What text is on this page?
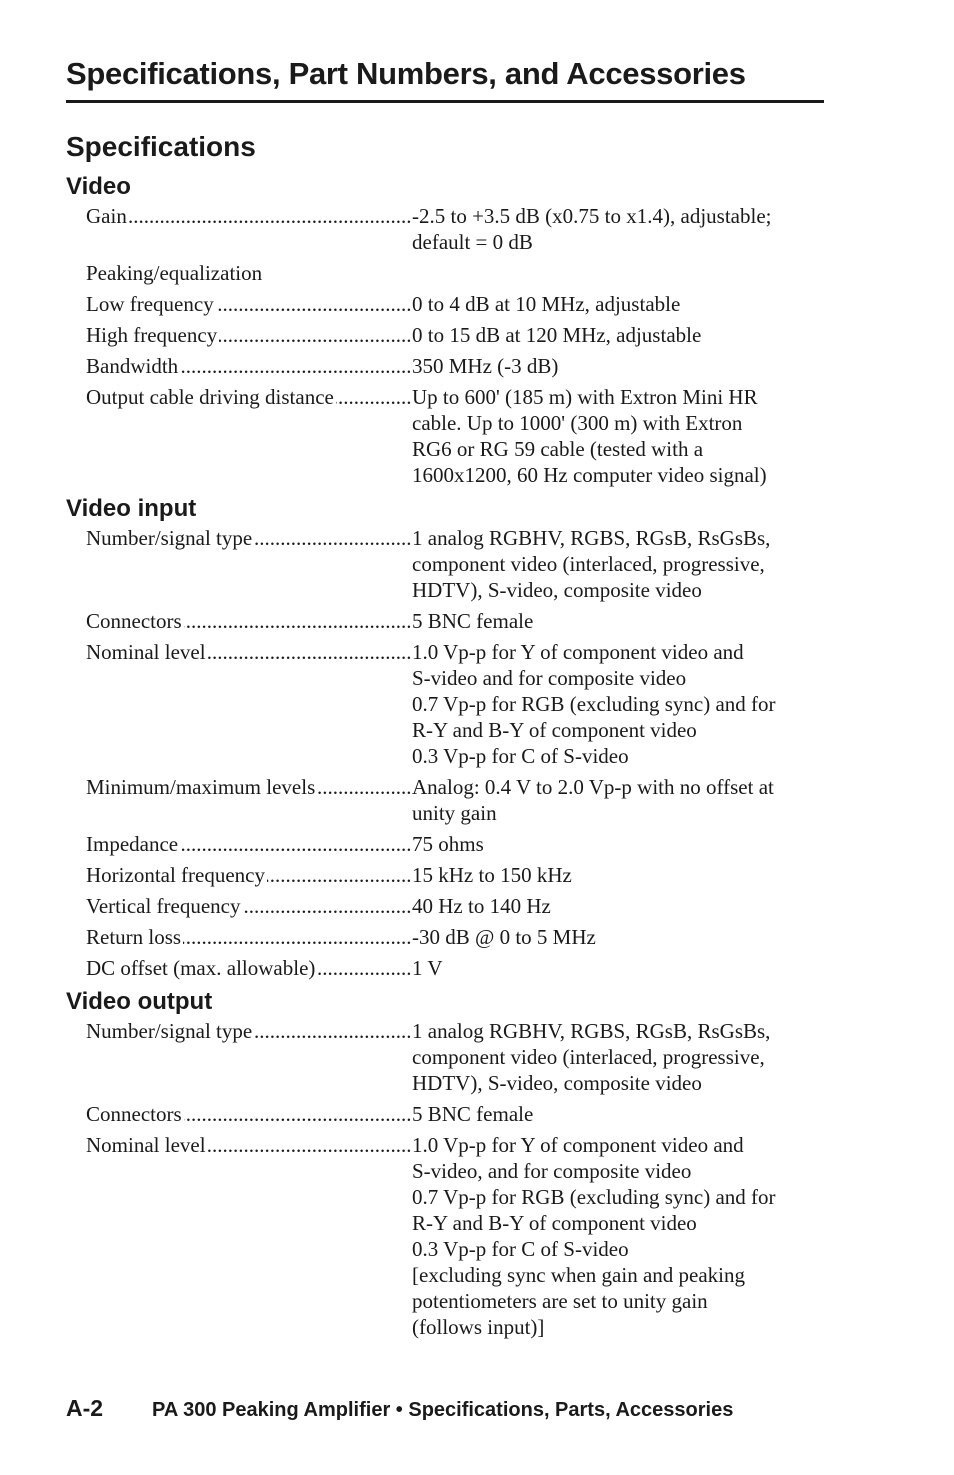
Specifications, Part Numbers, and Accessories
Specifications
Video
Gain .....	-2.5 to +3.5 dB (x0.75 to x1.4), adjustable;
default = 0 dB
Peaking/equalization
Low frequency .....	0 to 4 dB at 10 MHz, adjustable
High frequency .....	0 to 15 dB at 120 MHz, adjustable
Bandwidth .....	350 MHz (-3 dB)
Output cable driving distance .....	Up to 600' (185 m) with Extron Mini HR
cable. Up to 1000' (300 m) with Extron
RG6 or RG 59 cable (tested with a
1600x1200, 60 Hz computer video signal)
Video input
Number/signal type .....	1 analog RGBHV, RGBS, RGsB, RsGsBs,
component video (interlaced, progressive,
HDTV), S-video, composite video
Connectors .....	5 BNC female
Nominal level .....	1.0 Vp-p for Y of component video and
S-video and for composite video
0.7 Vp-p for RGB (excluding sync) and for
R-Y and B-Y of component video
0.3 Vp-p for C of S-video
Minimum/maximum levels .....	Analog: 0.4 V to 2.0 Vp-p with no offset at
unity gain
Impedance .....	75 ohms
Horizontal frequency .....	15 kHz to 150 kHz
Vertical frequency .....	40 Hz to 140 Hz
Return loss .....	-30 dB @ 0 to 5 MHz
DC offset (max. allowable) .....	1 V
Video output
Number/signal type .....	1 analog RGBHV, RGBS, RGsB, RsGsBs,
component video (interlaced, progressive,
HDTV), S-video, composite video
Connectors .....	5 BNC female
Nominal level .....	1.0 Vp-p for Y of component video and
S-video, and for composite video
0.7 Vp-p for RGB (excluding sync) and for
R-Y and B-Y of component video
0.3 Vp-p for C of S-video
[excluding sync when gain and peaking
potentiometers are set to unity gain
(follows input)]
A-2 PA 300 Peaking Amplifier • Specifications, Parts, Accessories
